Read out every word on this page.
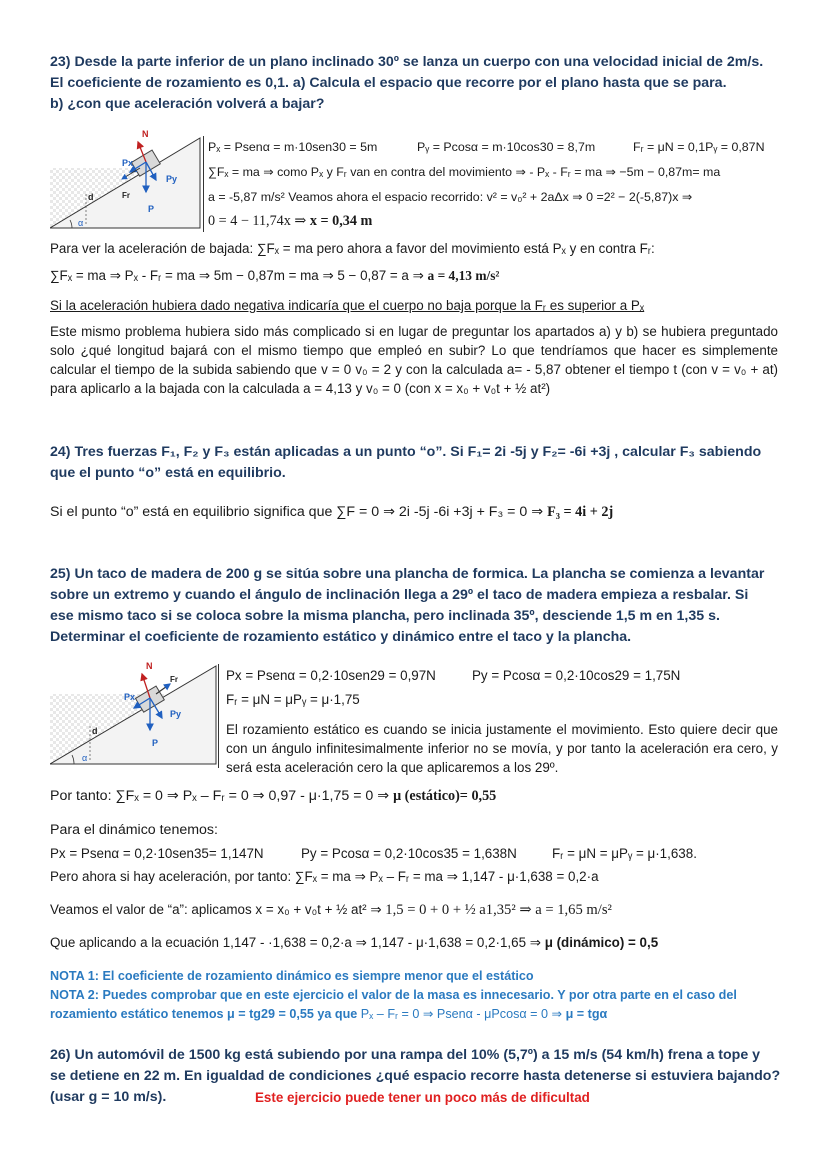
23) Desde la parte inferior de un plano inclinado 30º se lanza un cuerpo con una velocidad inicial de 2m/s.
El coeficiente de rozamiento es 0,1. a) Calcula el espacio que recorre por el plano hasta que se para.
b) ¿con que aceleración volverá a bajar?
N
Px
Py
P
d	Fr
α
Pₓ = Psenα = m·10sen30 = 5m	Pᵧ = Pcosα = m·10cos30 = 8,7m	Fᵣ = μN = 0,1Pᵧ = 0,87N
∑Fₓ = ma ⇒ como Pₓ y Fᵣ van en contra del movimiento ⇒ - Pₓ - Fᵣ = ma ⇒ −5m − 0,87m= ma
a = -5,87 m/s² Veamos ahora el espacio recorrido: v² = v₀² + 2aΔx ⇒ 0 =2² − 2(-5,87)x ⇒
0 = 4 − 11,74x ⇒ x = 0,34 m
Para ver la aceleración de bajada: ∑Fₓ = ma pero ahora a favor del movimiento está Pₓ y en contra Fᵣ:
∑Fₓ = ma ⇒ Pₓ - Fᵣ = ma ⇒ 5m − 0,87m = ma ⇒ 5 − 0,87 = a ⇒ a = 4,13 m/s²
Si la aceleración hubiera dado negativa indicaría que el cuerpo no baja porque la Fᵣ es superior a Pₓ
Este mismo problema hubiera sido más complicado si en lugar de preguntar los apartados a) y b) se hubiera preguntado solo ¿qué longitud bajará con el mismo tiempo que empleó en subir? Lo que tendríamos que hacer es simplemente calcular el tiempo de la subida sabiendo que v = 0 v₀ = 2 y con la calculada a= - 5,87 obtener el tiempo t (con v = v₀ + at) para aplicarlo a la bajada con la calculada a = 4,13 y v₀ = 0 (con x = x₀ + v₀t + ½ at²)
24) Tres fuerzas F₁, F₂ y F₃ están aplicadas a un punto “o”. Si F₁= 2i -5j y F₂= -6i +3j , calcular F₃ sabiendo
que el punto “o” está en equilibrio.
Si el punto “o” está en equilibrio significa que ∑F = 0 ⇒ 2i -5j -6i +3j + F₃ = 0 ⇒ F₃ = 4i + 2j
25) Un taco de madera de 200 g se sitúa sobre una plancha de formica. La plancha se comienza a levantar
sobre un extremo y cuando el ángulo de inclinación llega a 29º el taco de madera empieza a resbalar. Si
ese mismo taco si se coloca sobre la misma plancha, pero inclinada 35º, desciende 1,5 m en 1,35 s.
Determinar el coeficiente de rozamiento estático y dinámico entre el taco y la plancha.
N
Fr
Px
Py
P
d
α
Px = Psenα = 0,2·10sen29 = 0,97N	Py = Pcosα = 0,2·10cos29 = 1,75N
Fᵣ = μN = μPᵧ = μ·1,75
El rozamiento estático es cuando se inicia justamente el movimiento. Esto quiere decir que con un ángulo infinitesimalmente inferior no se movía, y por tanto la aceleración era cero, y será esta aceleración cero la que aplicaremos a los 29º.
Por tanto: ∑Fₓ = 0 ⇒ Pₓ – Fᵣ = 0 ⇒ 0,97 - μ·1,75 = 0 ⇒ μ (estático)= 0,55
Para el dinámico tenemos:
Px = Psenα = 0,2·10sen35= 1,147N	Py = Pcosα = 0,2·10cos35 = 1,638N	Fᵣ = μN = μPᵧ = μ·1,638.
Pero ahora si hay aceleración, por tanto: ∑Fₓ = ma ⇒ Pₓ – Fᵣ = ma ⇒ 1,147 - μ·1,638 = 0,2·a
Veamos el valor de “a”: aplicamos x = x₀ + v₀t + ½ at² ⇒ 1,5 = 0 + 0 + ½ a1,35² ⇒ a = 1,65 m/s²
Que aplicando a la ecuación 1,147 - ·1,638 = 0,2·a ⇒ 1,147 - μ·1,638 = 0,2·1,65 ⇒ μ (dinámico) = 0,5
NOTA 1: El coeficiente de rozamiento dinámico es siempre menor que el estático
NOTA 2: Puedes comprobar que en este ejercicio el valor de la masa es innecesario. Y por otra parte en el caso del
rozamiento estático tenemos μ = tg29 = 0,55 ya que Pₓ – Fᵣ = 0 ⇒ Psenα - μPcosα = 0 ⇒ μ = tgα
26) Un automóvil de 1500 kg está subiendo por una rampa del 10% (5,7º) a 15 m/s (54 km/h) frena a tope y
se detiene en 22 m. En igualdad de condiciones ¿qué espacio recorre hasta detenerse si estuviera bajando?
(usar g = 10 m/s).	Este ejercicio puede tener un poco más de dificultad
